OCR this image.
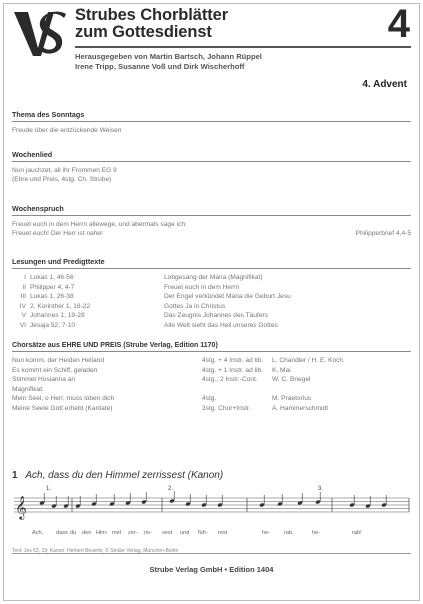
Strubes Chorblätter
zum Gottesdienst	4
Herausgegeben von Martin Bartsch, Johann Rüppel
Irene Tripp, Susanne Voß und Dirk Wischerhoff
4. Advent
Thema des Sonntags
Freude über die entzückende Weisen
Wochenlied
Nun jauchzet, all ihr Frommen EG 9
(Ehre und Preis, 4stg. Ch. Strube)
Wochenspruch
Freuet euch in dem Herrn allewege, und abermals sage ich:
Freuet euch! Der Herr ist nahe!	Philipperbrief 4,4-5
Lesungen und Predigttexte
I Lukas 1, 46-56	Lobgesang der Maria (Magnifikat)
II Philipper 4, 4-7	Freuet euch in dem Herrn
III Lukas 1, 26-38	Der Engel verkündet Maria die Geburt Jesu
IV 2. Korinther 1, 18-22	Gottes Ja in Christus
V Johannes 1, 19-28	Das Zeugnis Johannes des Täufers
VI Jesaja 52, 7-10	Alle Welt sieht das Heil unseres Gottes
Chorsätze aus EHRE UND PREIS (Strube Verlag, Edition 1170)
Nun komm, der Heiden Heiland	4stg. + 4 Instr. ad lib.	L. Chandler / H. E. Koch
Es kommt ein Schiff, geladen	4stg. + 1 Instr. ad lib.	K. Mai
Stimmet Hosianna an	4stg., 2 Instr.-Cont.	W. C. Briegel
Magnifikat:
Mein Seel, o Herr, muss loben dich	4stg.	M. Praetorius
Meine Seele Gott erhebt (Kantate)	3stg. Chor+Instr.	A. Hammerschmidt
1 Ach, dass du den Himmel zerrissest (Kanon)
𝄞
1.	2.	3.
Ach, dass du den Him- mel zer- ris- sest und füh- rest	he- rab,	he-	rab!
Text: Jes 63, 19; Kanon: Herbert Beuerle; © Strube Verlag, München-Berlin
Strube Verlag GmbH • Edition 1404
